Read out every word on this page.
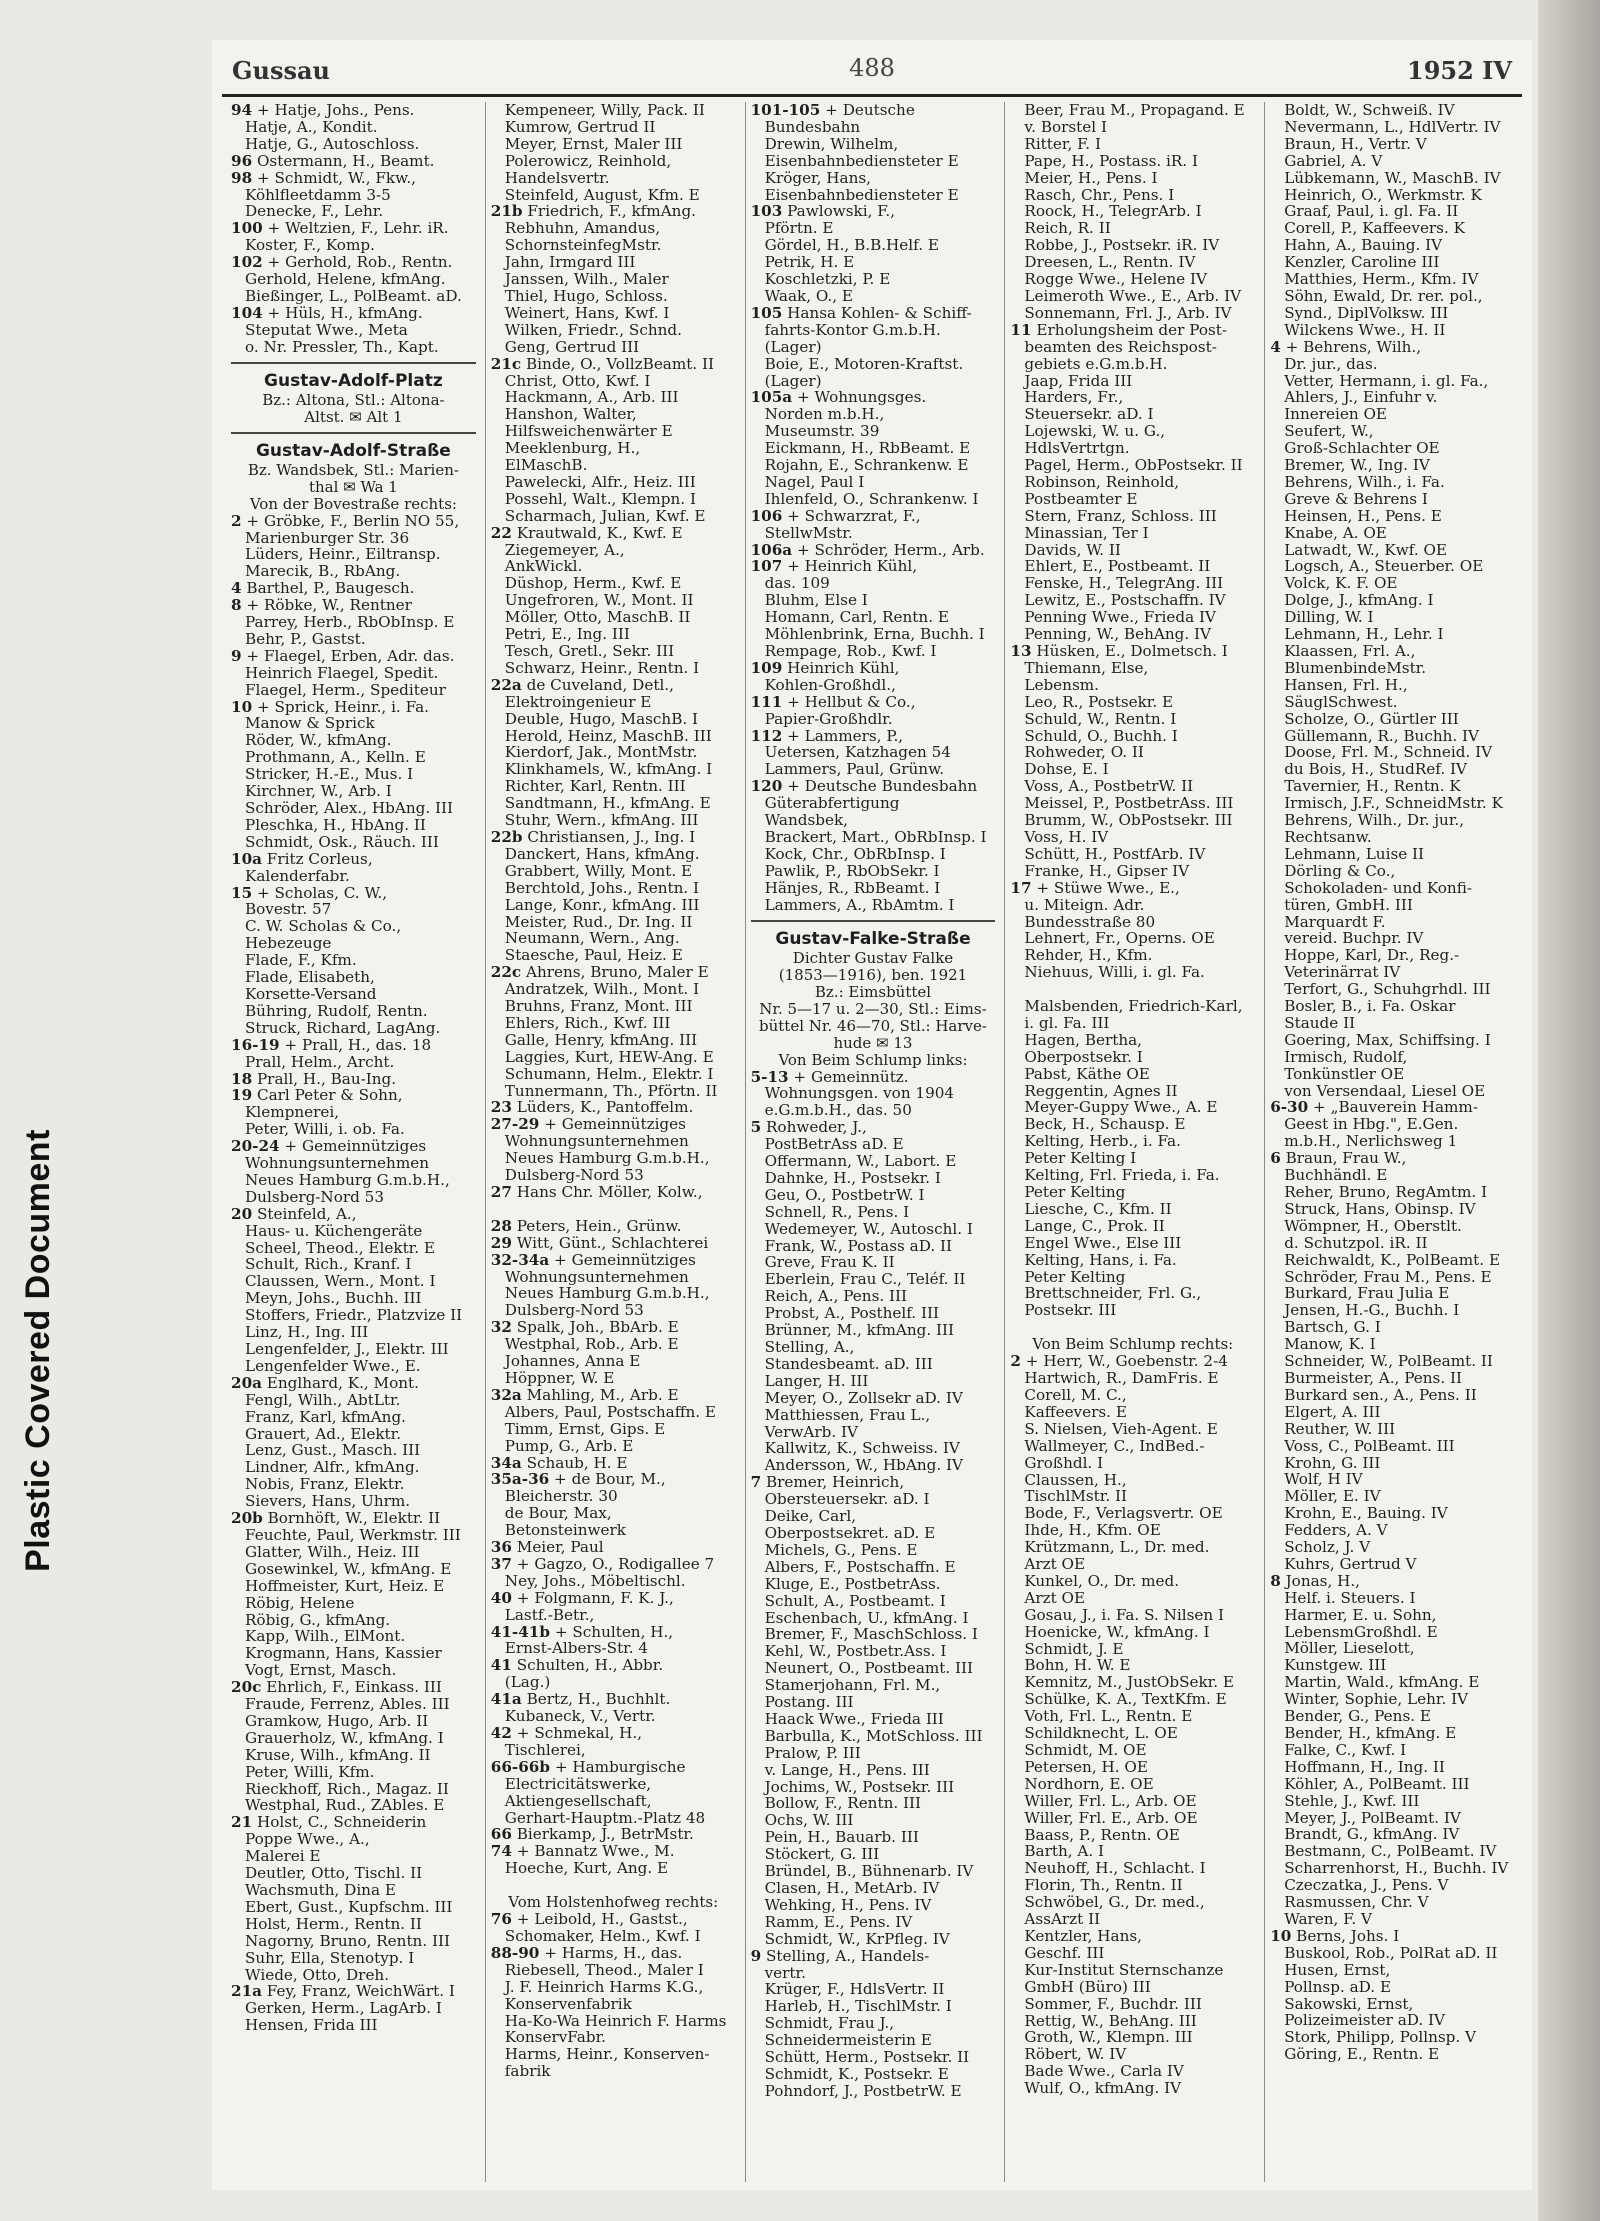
Plastic Covered Document
Gussau	488	1952 IV
94 + Hatje, Johs., Pens.
Hatje, A., Kondit.
Hatje, G., Autoschloss.
96 Ostermann, H., Beamt.
98 + Schmidt, W., Fkw.,
Köhlfleetdamm 3-5
Denecke, F., Lehr.
100 + Weltzien, F., Lehr. iR.
Koster, F., Komp.
102 + Gerhold, Rob., Rentn.
Gerhold, Helene, kfmAng.
Bießinger, L., PolBeamt. aD.
104 + Hüls, H., kfmAng.
Steputat Wwe., Meta
o. Nr. Pressler, Th., Kapt.
Gustav-Adolf-Platz
Bz.: Altona, Stl.: Altona-
Altst. ✉ Alt 1
Gustav-Adolf-Straße
Bz. Wandsbek, Stl.: Marien-
thal ✉ Wa 1
Von der Bovestraße rechts:
2 + Gröbke, F., Berlin NO 55,
Marienburger Str. 36
Lüders, Heinr., Eiltransp.
Marecik, B., RbAng.
4 Barthel, P., Baugesch.
8 + Röbke, W., Rentner
Parrey, Herb., RbObInsp. E
Behr, P., Gastst.
9 + Flaegel, Erben, Adr. das.
Heinrich Flaegel, Spedit.
Flaegel, Herm., Spediteur
10 + Sprick, Heinr., i. Fa.
Manow & Sprick
Röder, W., kfmAng.
Prothmann, A., Kelln. E
Stricker, H.-E., Mus. I
Kirchner, W., Arb. I
Schröder, Alex., HbAng. III
Pleschka, H., HbAng. II
Schmidt, Osk., Räuch. III
10a Fritz Corleus,
Kalenderfabr.
15 + Scholas, C. W.,
Bovestr. 57
C. W. Scholas & Co.,
Hebezeuge
Flade, F., Kfm.
Flade, Elisabeth,
Korsette-Versand
Bühring, Rudolf, Rentn.
Struck, Richard, LagAng.
16-19 + Prall, H., das. 18
Prall, Helm., Archt.
18 Prall, H., Bau-Ing.
19 Carl Peter & Sohn,
Klempnerei,
Peter, Willi, i. ob. Fa.
20-24 + Gemeinnütziges
Wohnungsunternehmen
Neues Hamburg G.m.b.H.,
Dulsberg-Nord 53
20 Steinfeld, A.,
Haus- u. Küchengeräte
Scheel, Theod., Elektr. E
Schult, Rich., Kranf. I
Claussen, Wern., Mont. I
Meyn, Johs., Buchh. III
Stoffers, Friedr., Platzvize II
Linz, H., Ing. III
Lengenfelder, J., Elektr. III
Lengenfelder Wwe., E.
20a Englhard, K., Mont.
Fengl, Wilh., AbtLtr.
Franz, Karl, kfmAng.
Grauert, Ad., Elektr.
Lenz, Gust., Masch. III
Lindner, Alfr., kfmAng.
Nobis, Franz, Elektr.
Sievers, Hans, Uhrm.
20b Bornhöft, W., Elektr. II
Feuchte, Paul, Werkmstr. III
Glatter, Wilh., Heiz. III
Gosewinkel, W., kfmAng. E
Hoffmeister, Kurt, Heiz. E
Röbig, Helene
Röbig, G., kfmAng.
Kapp, Wilh., ElMont.
Krogmann, Hans, Kassier
Vogt, Ernst, Masch.
20c Ehrlich, F., Einkass. III
Fraude, Ferrenz, Ables. III
Gramkow, Hugo, Arb. II
Grauerholz, W., kfmAng. I
Kruse, Wilh., kfmAng. II
Peter, Willi, Kfm.
Rieckhoff, Rich., Magaz. II
Westphal, Rud., ZAbles. E
21 Holst, C., Schneiderin
Poppe Wwe., A.,
Malerei E
Deutler, Otto, Tischl. II
Wachsmuth, Dina E
Ebert, Gust., Kupfschm. III
Holst, Herm., Rentn. II
Nagorny, Bruno, Rentn. III
Suhr, Ella, Stenotyp. I
Wiede, Otto, Dreh.
21a Fey, Franz, WeichWärt. I
Gerken, Herm., LagArb. I
Hensen, Frida III
Kempeneer, Willy, Pack. II
Kumrow, Gertrud II
Meyer, Ernst, Maler III
Polerowicz, Reinhold,
Handelsvertr.
Steinfeld, August, Kfm. E
21b Friedrich, F., kfmAng.
Rebhuhn, Amandus,
SchornsteinfegMstr.
Jahn, Irmgard III
Janssen, Wilh., Maler
Thiel, Hugo, Schloss.
Weinert, Hans, Kwf. I
Wilken, Friedr., Schnd.
Geng, Gertrud III
21c Binde, O., VollzBeamt. II
Christ, Otto, Kwf. I
Hackmann, A., Arb. III
Hanshon, Walter,
Hilfsweichenwärter E
Meeklenburg, H.,
ElMaschB.
Pawelecki, Alfr., Heiz. III
Possehl, Walt., Klempn. I
Scharmach, Julian, Kwf. E
22 Krautwald, K., Kwf. E
Ziegemeyer, A.,
AnkWickl.
Düshop, Herm., Kwf. E
Ungefroren, W., Mont. II
Möller, Otto, MaschB. II
Petri, E., Ing. III
Tesch, Gretl., Sekr. III
Schwarz, Heinr., Rentn. I
22a de Cuveland, Detl.,
Elektroingenieur E
Deuble, Hugo, MaschB. I
Herold, Heinz, MaschB. III
Kierdorf, Jak., MontMstr.
Klinkhamels, W., kfmAng. I
Richter, Karl, Rentn. III
Sandtmann, H., kfmAng. E
Stuhr, Wern., kfmAng. III
22b Christiansen, J., Ing. I
Danckert, Hans, kfmAng.
Grabbert, Willy, Mont. E
Berchtold, Johs., Rentn. I
Lange, Konr., kfmAng. III
Meister, Rud., Dr. Ing. II
Neumann, Wern., Ang.
Staesche, Paul, Heiz. E
22c Ahrens, Bruno, Maler E
Andratzek, Wilh., Mont. I
Bruhns, Franz, Mont. III
Ehlers, Rich., Kwf. III
Galle, Henry, kfmAng. III
Laggies, Kurt, HEW-Ang. E
Schumann, Helm., Elektr. I
Tunnermann, Th., Pförtn. II
23 Lüders, K., Pantoffelm.
27-29 + Gemeinnütziges
Wohnungsunternehmen
Neues Hamburg G.m.b.H.,
Dulsberg-Nord 53
27 Hans Chr. Möller, Kolw.,

28 Peters, Hein., Grünw.
29 Witt, Günt., Schlachterei
32-34a + Gemeinnütziges
Wohnungsunternehmen
Neues Hamburg G.m.b.H.,
Dulsberg-Nord 53
32 Spalk, Joh., BbArb. E
Westphal, Rob., Arb. E
Johannes, Anna E
Höppner, W. E
32a Mahling, M., Arb. E
Albers, Paul, Postschaffn. E
Timm, Ernst, Gips. E
Pump, G., Arb. E
34a Schaub, H. E
35a-36 + de Bour, M.,
Bleicherstr. 30
de Bour, Max,
Betonsteinwerk
36 Meier, Paul
37 + Gagzo, O., Rodigallee 7
Ney, Johs., Möbeltischl.
40 + Folgmann, F. K. J.,
Lastf.-Betr.,
41-41b + Schulten, H.,
Ernst-Albers-Str. 4
41 Schulten, H., Abbr.
(Lag.)
41a Bertz, H., Buchhlt.
Kubaneck, V., Vertr.
42 + Schmekal, H.,
Tischlerei,
66-66b + Hamburgische
Electricitätswerke,
Aktiengesellschaft,
Gerhart-Hauptm.-Platz 48
66 Bierkamp, J., BetrMstr.
74 + Bannatz Wwe., M.
Hoeche, Kurt, Ang. E

Vom Holstenhofweg rechts:
76 + Leibold, H., Gastst.,
Schomaker, Helm., Kwf. I
88-90 + Harms, H., das.
Riebesell, Theod., Maler I
J. F. Heinrich Harms K.G.,
Konservenfabrik
Ha-Ko-Wa Heinrich F. Harms
KonservFabr.
Harms, Heinr., Konserven-
fabrik
101-105 + Deutsche
Bundesbahn
Drewin, Wilhelm,
Eisenbahnbediensteter E
Kröger, Hans,
Eisenbahnbediensteter E
103 Pawlowski, F.,
Pförtn. E
Gördel, H., B.B.Helf. E
Petrik, H. E
Koschletzki, P. E
Waak, O., E
105 Hansa Kohlen- & Schiff-
fahrts-Kontor G.m.b.H.
(Lager)
Boie, E., Motoren-Kraftst.
(Lager)
105a + Wohnungsges.
Norden m.b.H.,
Museumstr. 39
Eickmann, H., RbBeamt. E
Rojahn, E., Schrankenw. E
Nagel, Paul I
Ihlenfeld, O., Schrankenw. I
106 + Schwarzrat, F.,
StellwMstr.
106a + Schröder, Herm., Arb.
107 + Heinrich Kühl,
das. 109
Bluhm, Else I
Homann, Carl, Rentn. E
Möhlenbrink, Erna, Buchh. I
Rempage, Rob., Kwf. I
109 Heinrich Kühl,
Kohlen-Großhdl.,
111 + Hellbut & Co.,
Papier-Großhdlr.
112 + Lammers, P.,
Uetersen, Katzhagen 54
Lammers, Paul, Grünw.
120 + Deutsche Bundesbahn
Güterabfertigung
Wandsbek,
Brackert, Mart., ObRbInsp. I
Kock, Chr., ObRbInsp. I
Pawlik, P., RbObSekr. I
Hänjes, R., RbBeamt. I
Lammers, A., RbAmtm. I
Gustav-Falke-Straße
Dichter Gustav Falke
(1853—1916), ben. 1921
Bz.: Eimsbüttel
Nr. 5—17 u. 2—30, Stl.: Eims-
büttel Nr. 46—70, Stl.: Harve-
hude ✉ 13
Von Beim Schlump links:
5-13 + Gemeinnütz.
Wohnungsgen. von 1904
e.G.m.b.H., das. 50
5 Rohweder, J.,
PostBetrAss aD. E
Offermann, W., Labort. E
Dahnke, H., Postsekr. I
Geu, O., PostbetrW. I
Schnell, R., Pens. I
Wedemeyer, W., Autoschl. I
Frank, W., Postass aD. II
Greve, Frau K. II
Eberlein, Frau C., Teléf. II
Reich, A., Pens. III
Probst, A., Posthelf. III
Brünner, M., kfmAng. III
Stelling, A.,
Standesbeamt. aD. III
Langer, H. III
Meyer, O., Zollsekr aD. IV
Matthiessen, Frau L.,
VerwArb. IV
Kallwitz, K., Schweiss. IV
Andersson, W., HbAng. IV
7 Bremer, Heinrich,
Obersteuersekr. aD. I
Deike, Carl,
Oberpostsekret. aD. E
Michels, G., Pens. E
Albers, F., Postschaffn. E
Kluge, E., PostbetrAss.
Schult, A., Postbeamt. I
Eschenbach, U., kfmAng. I
Bremer, F., MaschSchloss. I
Kehl, W., Postbetr.Ass. I
Neunert, O., Postbeamt. III
Stamerjohann, Frl. M.,
Postang. III
Haack Wwe., Frieda III
Barbulla, K., MotSchloss. III
Pralow, P. III
v. Lange, H., Pens. III
Jochims, W., Postsekr. III
Bollow, F., Rentn. III
Ochs, W. III
Pein, H., Bauarb. III
Stöckert, G. III
Bründel, B., Bühnenarb. IV
Clasen, H., MetArb. IV
Wehking, H., Pens. IV
Ramm, E., Pens. IV
Schmidt, W., KrPfleg. IV
9 Stelling, A., Handels-
vertr.
Krüger, F., HdlsVertr. II
Harleb, H., TischlMstr. I
Schmidt, Frau J.,
Schneidermeisterin E
Schütt, Herm., Postsekr. II
Schmidt, K., Postsekr. E
Pohndorf, J., PostbetrW. E
Beer, Frau M., Propagand. E
v. Borstel I
Ritter, F. I
Pape, H., Postass. iR. I
Meier, H., Pens. I
Rasch, Chr., Pens. I
Roock, H., TelegrArb. I
Reich, R. II
Robbe, J., Postsekr. iR. IV
Dreesen, L., Rentn. IV
Rogge Wwe., Helene IV
Leimeroth Wwe., E., Arb. IV
Sonnemann, Frl. J., Arb. IV
11 Erholungsheim der Post-
beamten des Reichspost-
gebiets e.G.m.b.H.
Jaap, Frida III
Harders, Fr.,
Steuersekr. aD. I
Lojewski, W. u. G.,
HdlsVertrtgn.
Pagel, Herm., ObPostsekr. II
Robinson, Reinhold,
Postbeamter E
Stern, Franz, Schloss. III
Minassian, Ter I
Davids, W. II
Ehlert, E., Postbeamt. II
Fenske, H., TelegrAng. III
Lewitz, E., Postschaffn. IV
Penning Wwe., Frieda IV
Penning, W., BehAng. IV
13 Hüsken, E., Dolmetsch. I
Thiemann, Else,
Lebensm.
Leo, R., Postsekr. E
Schuld, W., Rentn. I
Schuld, O., Buchh. I
Rohweder, O. II
Dohse, E. I
Voss, A., PostbetrW. II
Meissel, P., PostbetrAss. III
Brumm, W., ObPostsekr. III
Voss, H. IV
Schütt, H., PostfArb. IV
Franke, H., Gipser IV
17 + Stüwe Wwe., E.,
u. Miteign. Adr.
Bundesstraße 80
Lehnert, Fr., Operns. OE
Rehder, H., Kfm.
Niehuus, Willi, i. gl. Fa.

Malsbenden, Friedrich-Karl,
i. gl. Fa. III
Hagen, Bertha,
Oberpostsekr. I
Pabst, Käthe OE
Reggentin, Agnes II
Meyer-Guppy Wwe., A. E
Beck, H., Schausp. E
Kelting, Herb., i. Fa.
Peter Kelting I
Kelting, Frl. Frieda, i. Fa.
Peter Kelting
Liesche, C., Kfm. II
Lange, C., Prok. II
Engel Wwe., Else III
Kelting, Hans, i. Fa.
Peter Kelting
Brettschneider, Frl. G.,
Postsekr. III

Von Beim Schlump rechts:
2 + Herr, W., Goebenstr. 2-4
Hartwich, R., DamFris. E
Corell, M. C.,
Kaffeevers. E
S. Nielsen, Vieh-Agent. E
Wallmeyer, C., IndBed.-
Großhdl. I
Claussen, H.,
TischlMstr. II
Bode, F., Verlagsvertr. OE
Ihde, H., Kfm. OE
Krützmann, L., Dr. med.
Arzt OE
Kunkel, O., Dr. med.
Arzt OE
Gosau, J., i. Fa. S. Nilsen I
Hoenicke, W., kfmAng. I
Schmidt, J. E
Bohn, H. W. E
Kemnitz, M., JustObSekr. E
Schülke, K. A., TextKfm. E
Voth, Frl. L., Rentn. E
Schildknecht, L. OE
Schmidt, M. OE
Petersen, H. OE
Nordhorn, E. OE
Willer, Frl. L., Arb. OE
Willer, Frl. E., Arb. OE
Baass, P., Rentn. OE
Barth, A. I
Neuhoff, H., Schlacht. I
Florin, Th., Rentn. II
Schwöbel, G., Dr. med.,
AssArzt II
Kentzler, Hans,
Geschf. III
Kur-Institut Sternschanze
GmbH (Büro) III
Sommer, F., Buchdr. III
Rettig, W., BehAng. III
Groth, W., Klempn. III
Röbert, W. IV
Bade Wwe., Carla IV
Wulf, O., kfmAng. IV
Boldt, W., Schweiß. IV
Nevermann, L., HdlVertr. IV
Braun, H., Vertr. V
Gabriel, A. V
Lübkemann, W., MaschB. IV
Heinrich, O., Werkmstr. K
Graaf, Paul, i. gl. Fa. II
Corell, P., Kaffeevers. K
Hahn, A., Bauing. IV
Kenzler, Caroline III
Matthies, Herm., Kfm. IV
Söhn, Ewald, Dr. rer. pol.,
Synd., DiplVolksw. III
Wilckens Wwe., H. II
4 + Behrens, Wilh.,
Dr. jur., das.
Vetter, Hermann, i. gl. Fa.,
Ahlers, J., Einfuhr v.
Innereien OE
Seufert, W.,
Groß-Schlachter OE
Bremer, W., Ing. IV
Behrens, Wilh., i. Fa.
Greve & Behrens I
Heinsen, H., Pens. E
Knabe, A. OE
Latwadt, W., Kwf. OE
Logsch, A., Steuerber. OE
Volck, K. F. OE
Dolge, J., kfmAng. I
Dilling, W. I
Lehmann, H., Lehr. I
Klaassen, Frl. A.,
BlumenbindeMstr.
Hansen, Frl. H.,
SäuglSchwest.
Scholze, O., Gürtler III
Güllemann, R., Buchh. IV
Doose, Frl. M., Schneid. IV
du Bois, H., StudRef. IV
Tavernier, H., Rentn. K
Irmisch, J.F., SchneidMstr. K
Behrens, Wilh., Dr. jur.,
Rechtsanw.
Lehmann, Luise II
Dörling & Co.,
Schokoladen- und Konfi-
türen, GmbH. III
Marquardt F.
vereid. Buchpr. IV
Hoppe, Karl, Dr., Reg.-
Veterinärrat IV
Terfort, G., Schuhgrhdl. III
Bosler, B., i. Fa. Oskar
Staude II
Goering, Max, Schiffsing. I
Irmisch, Rudolf,
Tonkünstler OE
von Versendaal, Liesel OE
6-30 + „Bauverein Hamm-
Geest in Hbg.", E.Gen.
m.b.H., Nerlichsweg 1
6 Braun, Frau W.,
Buchhändl. E
Reher, Bruno, RegAmtm. I
Struck, Hans, Obinsp. IV
Wömpner, H., Oberstlt.
d. Schutzpol. iR. II
Reichwaldt, K., PolBeamt. E
Schröder, Frau M., Pens. E
Burkard, Frau Julia E
Jensen, H.-G., Buchh. I
Bartsch, G. I
Manow, K. I
Schneider, W., PolBeamt. II
Burmeister, A., Pens. II
Burkard sen., A., Pens. II
Elgert, A. III
Reuther, W. III
Voss, C., PolBeamt. III
Krohn, G. III
Wolf, H IV
Möller, E. IV
Krohn, E., Bauing. IV
Fedders, A. V
Scholz, J. V
Kuhrs, Gertrud V
8 Jonas, H.,
Helf. i. Steuers. I
Harmer, E. u. Sohn,
LebensmGroßhdl. E
Möller, Lieselott,
Kunstgew. III
Martin, Wald., kfmAng. E
Winter, Sophie, Lehr. IV
Bender, G., Pens. E
Bender, H., kfmAng. E
Falke, C., Kwf. I
Hoffmann, H., Ing. II
Köhler, A., PolBeamt. III
Stehle, J., Kwf. III
Meyer, J., PolBeamt. IV
Brandt, G., kfmAng. IV
Bestmann, C., PolBeamt. IV
Scharrenhorst, H., Buchh. IV
Czeczatka, J., Pens. V
Rasmussen, Chr. V
Waren, F. V
10 Berns, Johs. I
Buskool, Rob., PolRat aD. II
Husen, Ernst,
Pollnsp. aD. E
Sakowski, Ernst,
Polizeimeister aD. IV
Stork, Philipp, Pollnsp. V
Göring, E., Rentn. E
